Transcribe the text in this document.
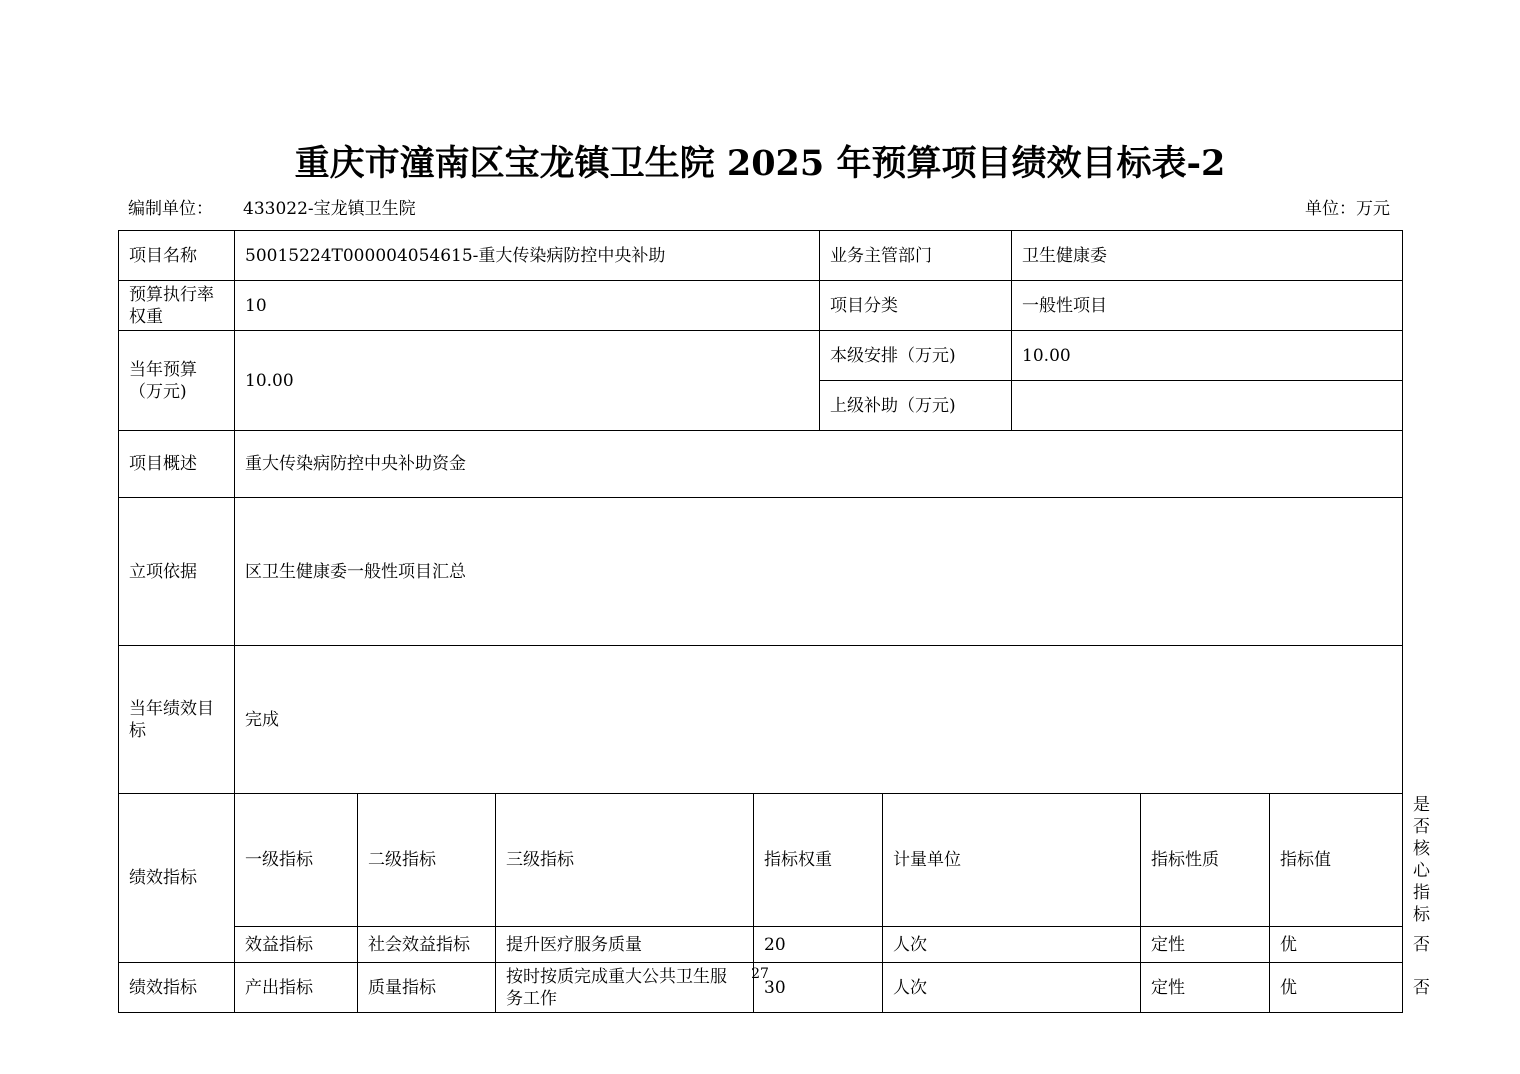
重庆市潼南区宝龙镇卫生院 2025 年预算项目绩效目标表-2
编制单位： 433022-宝龙镇卫生院	单位：万元
项目名称	50015224T000004054615-重大传染病防控中央补助				业务主管部门		卫生健康委			
预算执行率权重	10				项目分类		一般性项目			
当年预算（万元)	10.00				本级安排（万元)		10.00			
					上级补助（万元)					
项目概述	重大传染病防控中央补助资金									
立项依据	区卫生健康委一般性项目汇总									
当年绩效目标	完成									
绩效指标	一级指标	二级指标	三级指标	指标权重		计量单位		指标性质	指标值	是否核心指标
	效益指标	社会效益指标	提升医疗服务质量	20		人次		定性	优	否
绩效指标	产出指标	质量指标	按时按质完成重大公共卫生服务工作	30		人次		定性	优	否
27
